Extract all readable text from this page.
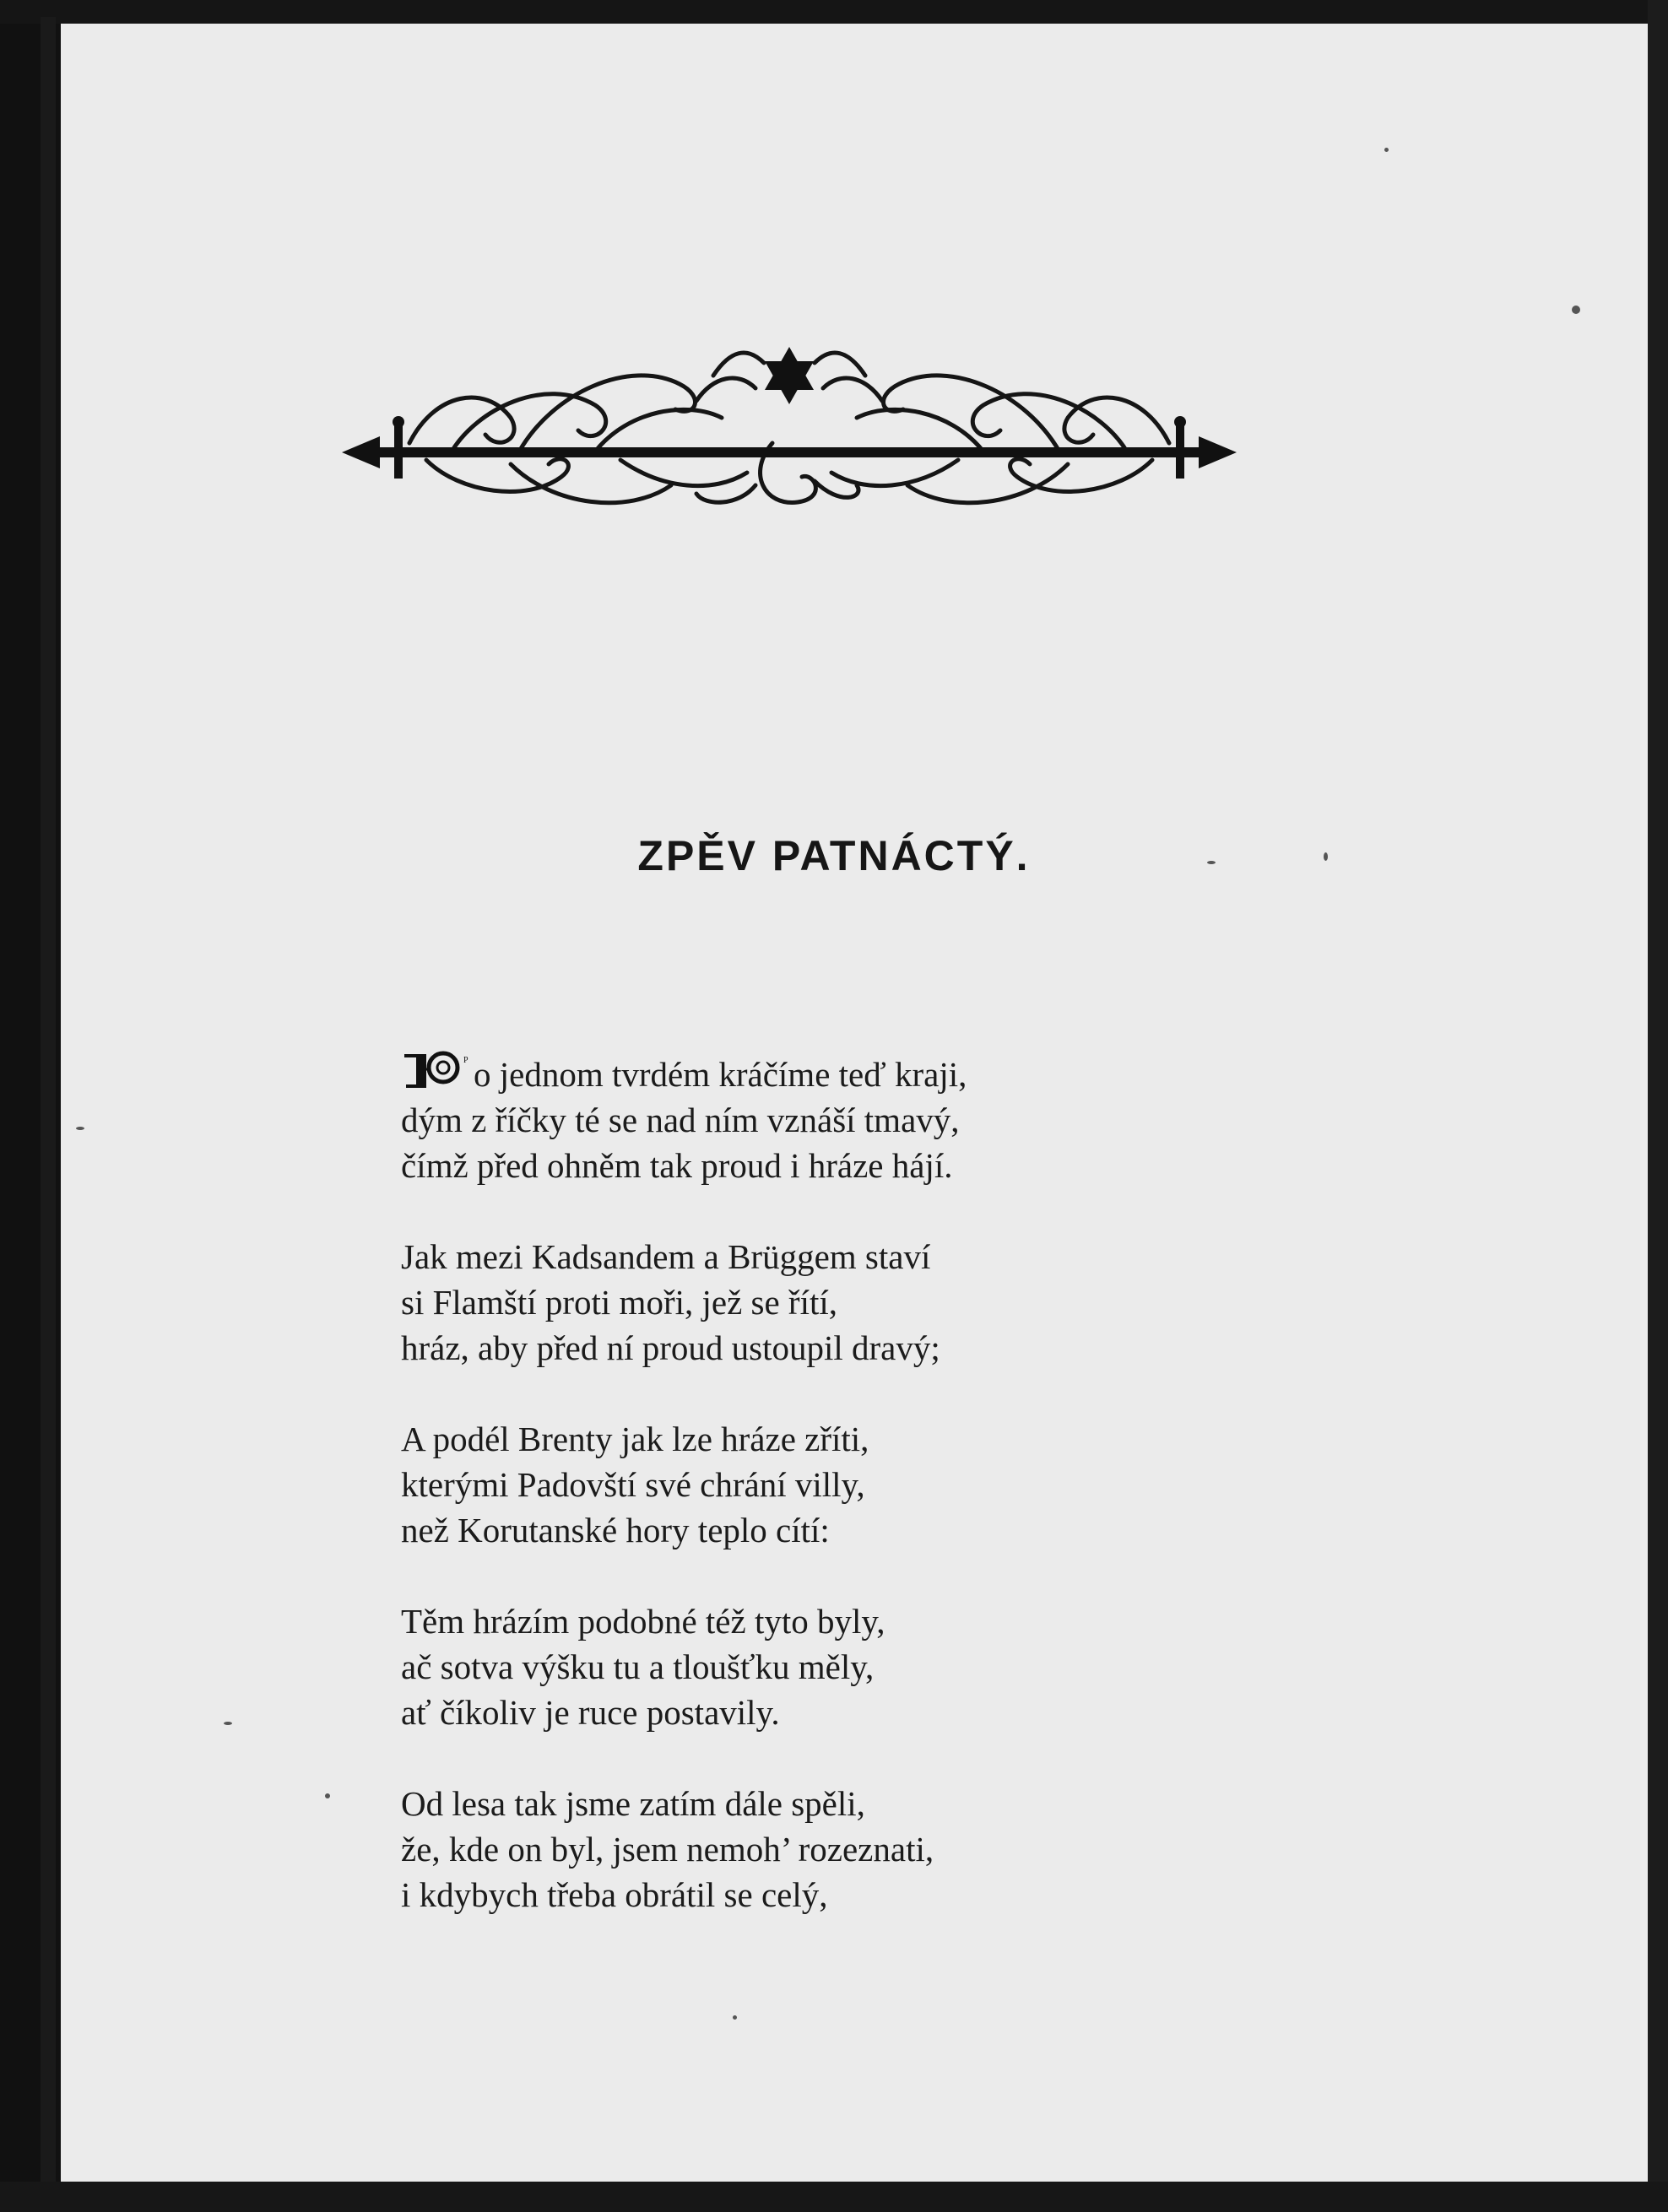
ZPĚV PATNÁCTÝ.
P o jednom tvrdém kráčíme teď kraji,
dým z říčky té se nad ním vznáší tmavý,
čímž před ohněm tak proud i hráze hájí.
Jak mezi Kadsandem a Brüggem staví
si Flamští proti moři, jež se řítí,
hráz, aby před ní proud ustoupil dravý;
A podél Brenty jak lze hráze zříti,
kterými Padovští své chrání villy,
než Korutanské hory teplo cítí:
Těm hrázím podobné též tyto byly,
ač sotva výšku tu a tloušťku měly,
ať číkoliv je ruce postavily.
Od lesa tak jsme zatím dále spěli,
že, kde on byl, jsem nemoh’ rozeznati,
i kdybych třeba obrátil se celý,
